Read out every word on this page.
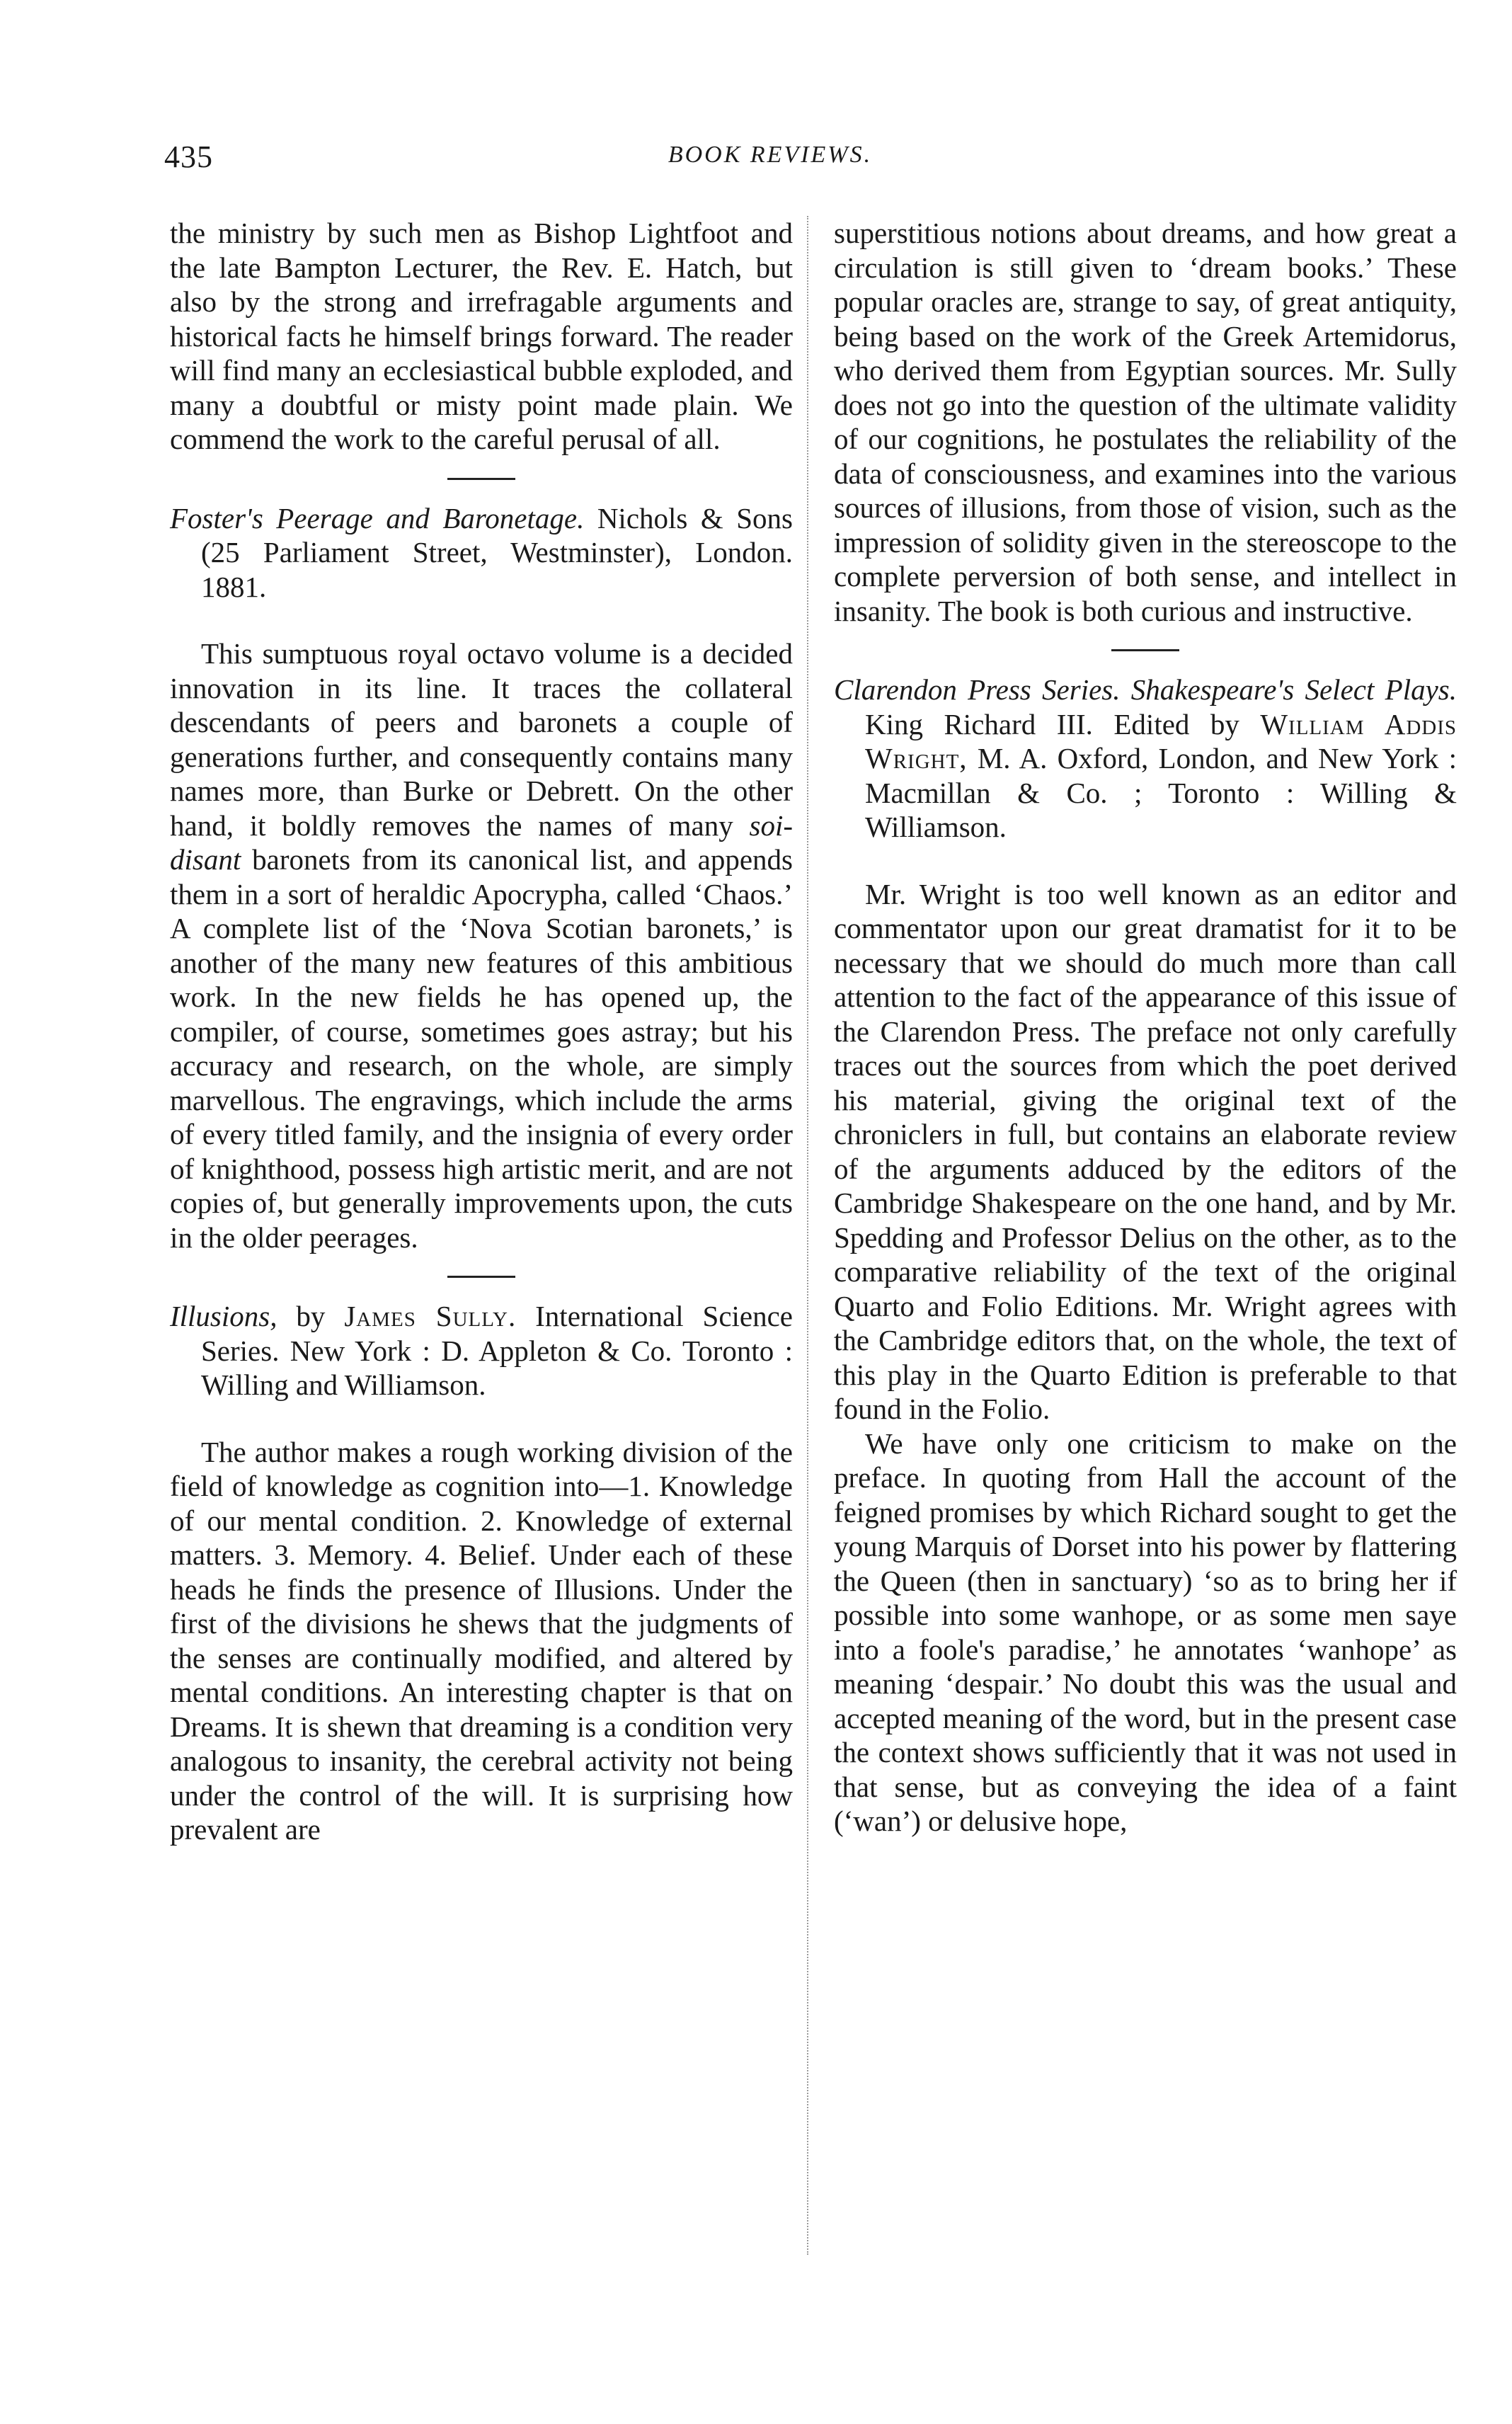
435	BOOK REVIEWS.

the ministry by such men as Bishop Lightfoot and the late Bampton Lecturer, the Rev. E. Hatch, but also by the strong and irrefragable arguments and historical facts he himself brings forward. The reader will find many an ecclesiastical bubble exploded, and many a doubtful or misty point made plain. We commend the work to the careful perusal of all.

Foster's Peerage and Baronetage. Nichols & Sons (25 Parliament Street, Westminster), London. 1881.

This sumptuous royal octavo volume is a decided innovation in its line. It traces the collateral descendants of peers and baronets a couple of generations further, and consequently contains many names more, than Burke or Debrett. On the other hand, it boldly removes the names of many soi-disant baronets from its canonical list, and appends them in a sort of heraldic Apocrypha, called ‘Chaos.’ A complete list of the ‘Nova Scotian baronets,’ is another of the many new features of this ambitious work. In the new fields he has opened up, the compiler, of course, sometimes goes astray; but his accuracy and research, on the whole, are simply marvellous. The engravings, which include the arms of every titled family, and the insignia of every order of knighthood, possess high artistic merit, and are not copies of, but generally improvements upon, the cuts in the older peerages.

Illusions, by James Sully. International Science Series. New York : D. Appleton & Co. Toronto : Willing and Williamson.

The author makes a rough working division of the field of knowledge as cognition into—1. Knowledge of our mental condition. 2. Knowledge of external matters. 3. Memory. 4. Belief. Under each of these heads he finds the presence of Illusions. Under the first of the divisions he shews that the judgments of the senses are continually modified, and altered by mental conditions. An interesting chapter is that on Dreams. It is shewn that dreaming is a condition very analogous to insanity, the cerebral activity not being under the control of the will. It is surprising how prevalent are

superstitious notions about dreams, and how great a circulation is still given to ‘dream books.’ These popular oracles are, strange to say, of great antiquity, being based on the work of the Greek Artemidorus, who derived them from Egyptian sources. Mr. Sully does not go into the question of the ultimate validity of our cognitions, he postulates the reliability of the data of consciousness, and examines into the various sources of illusions, from those of vision, such as the impression of solidity given in the stereoscope to the complete perversion of both sense, and intellect in insanity. The book is both curious and instructive.

Clarendon Press Series. Shakespeare's Select Plays. King Richard III. Edited by William Addis Wright, M. A. Oxford, London, and New York : Macmillan & Co. ; Toronto : Willing & Williamson.

Mr. Wright is too well known as an editor and commentator upon our great dramatist for it to be necessary that we should do much more than call attention to the fact of the appearance of this issue of the Clarendon Press. The preface not only carefully traces out the sources from which the poet derived his material, giving the original text of the chroniclers in full, but contains an elaborate review of the arguments adduced by the editors of the Cambridge Shakespeare on the one hand, and by Mr. Spedding and Professor Delius on the other, as to the comparative reliability of the text of the original Quarto and Folio Editions. Mr. Wright agrees with the Cambridge editors that, on the whole, the text of this play in the Quarto Edition is preferable to that found in the Folio.

We have only one criticism to make on the preface. In quoting from Hall the account of the feigned promises by which Richard sought to get the young Marquis of Dorset into his power by flattering the Queen (then in sanctuary) ‘so as to bring her if possible into some wanhope, or as some men saye into a foole's paradise,’ he annotates ‘wanhope’ as meaning ‘despair.’ No doubt this was the usual and accepted meaning of the word, but in the present case the context shows sufficiently that it was not used in that sense, but as conveying the idea of a faint (‘wan’) or delusive hope,
